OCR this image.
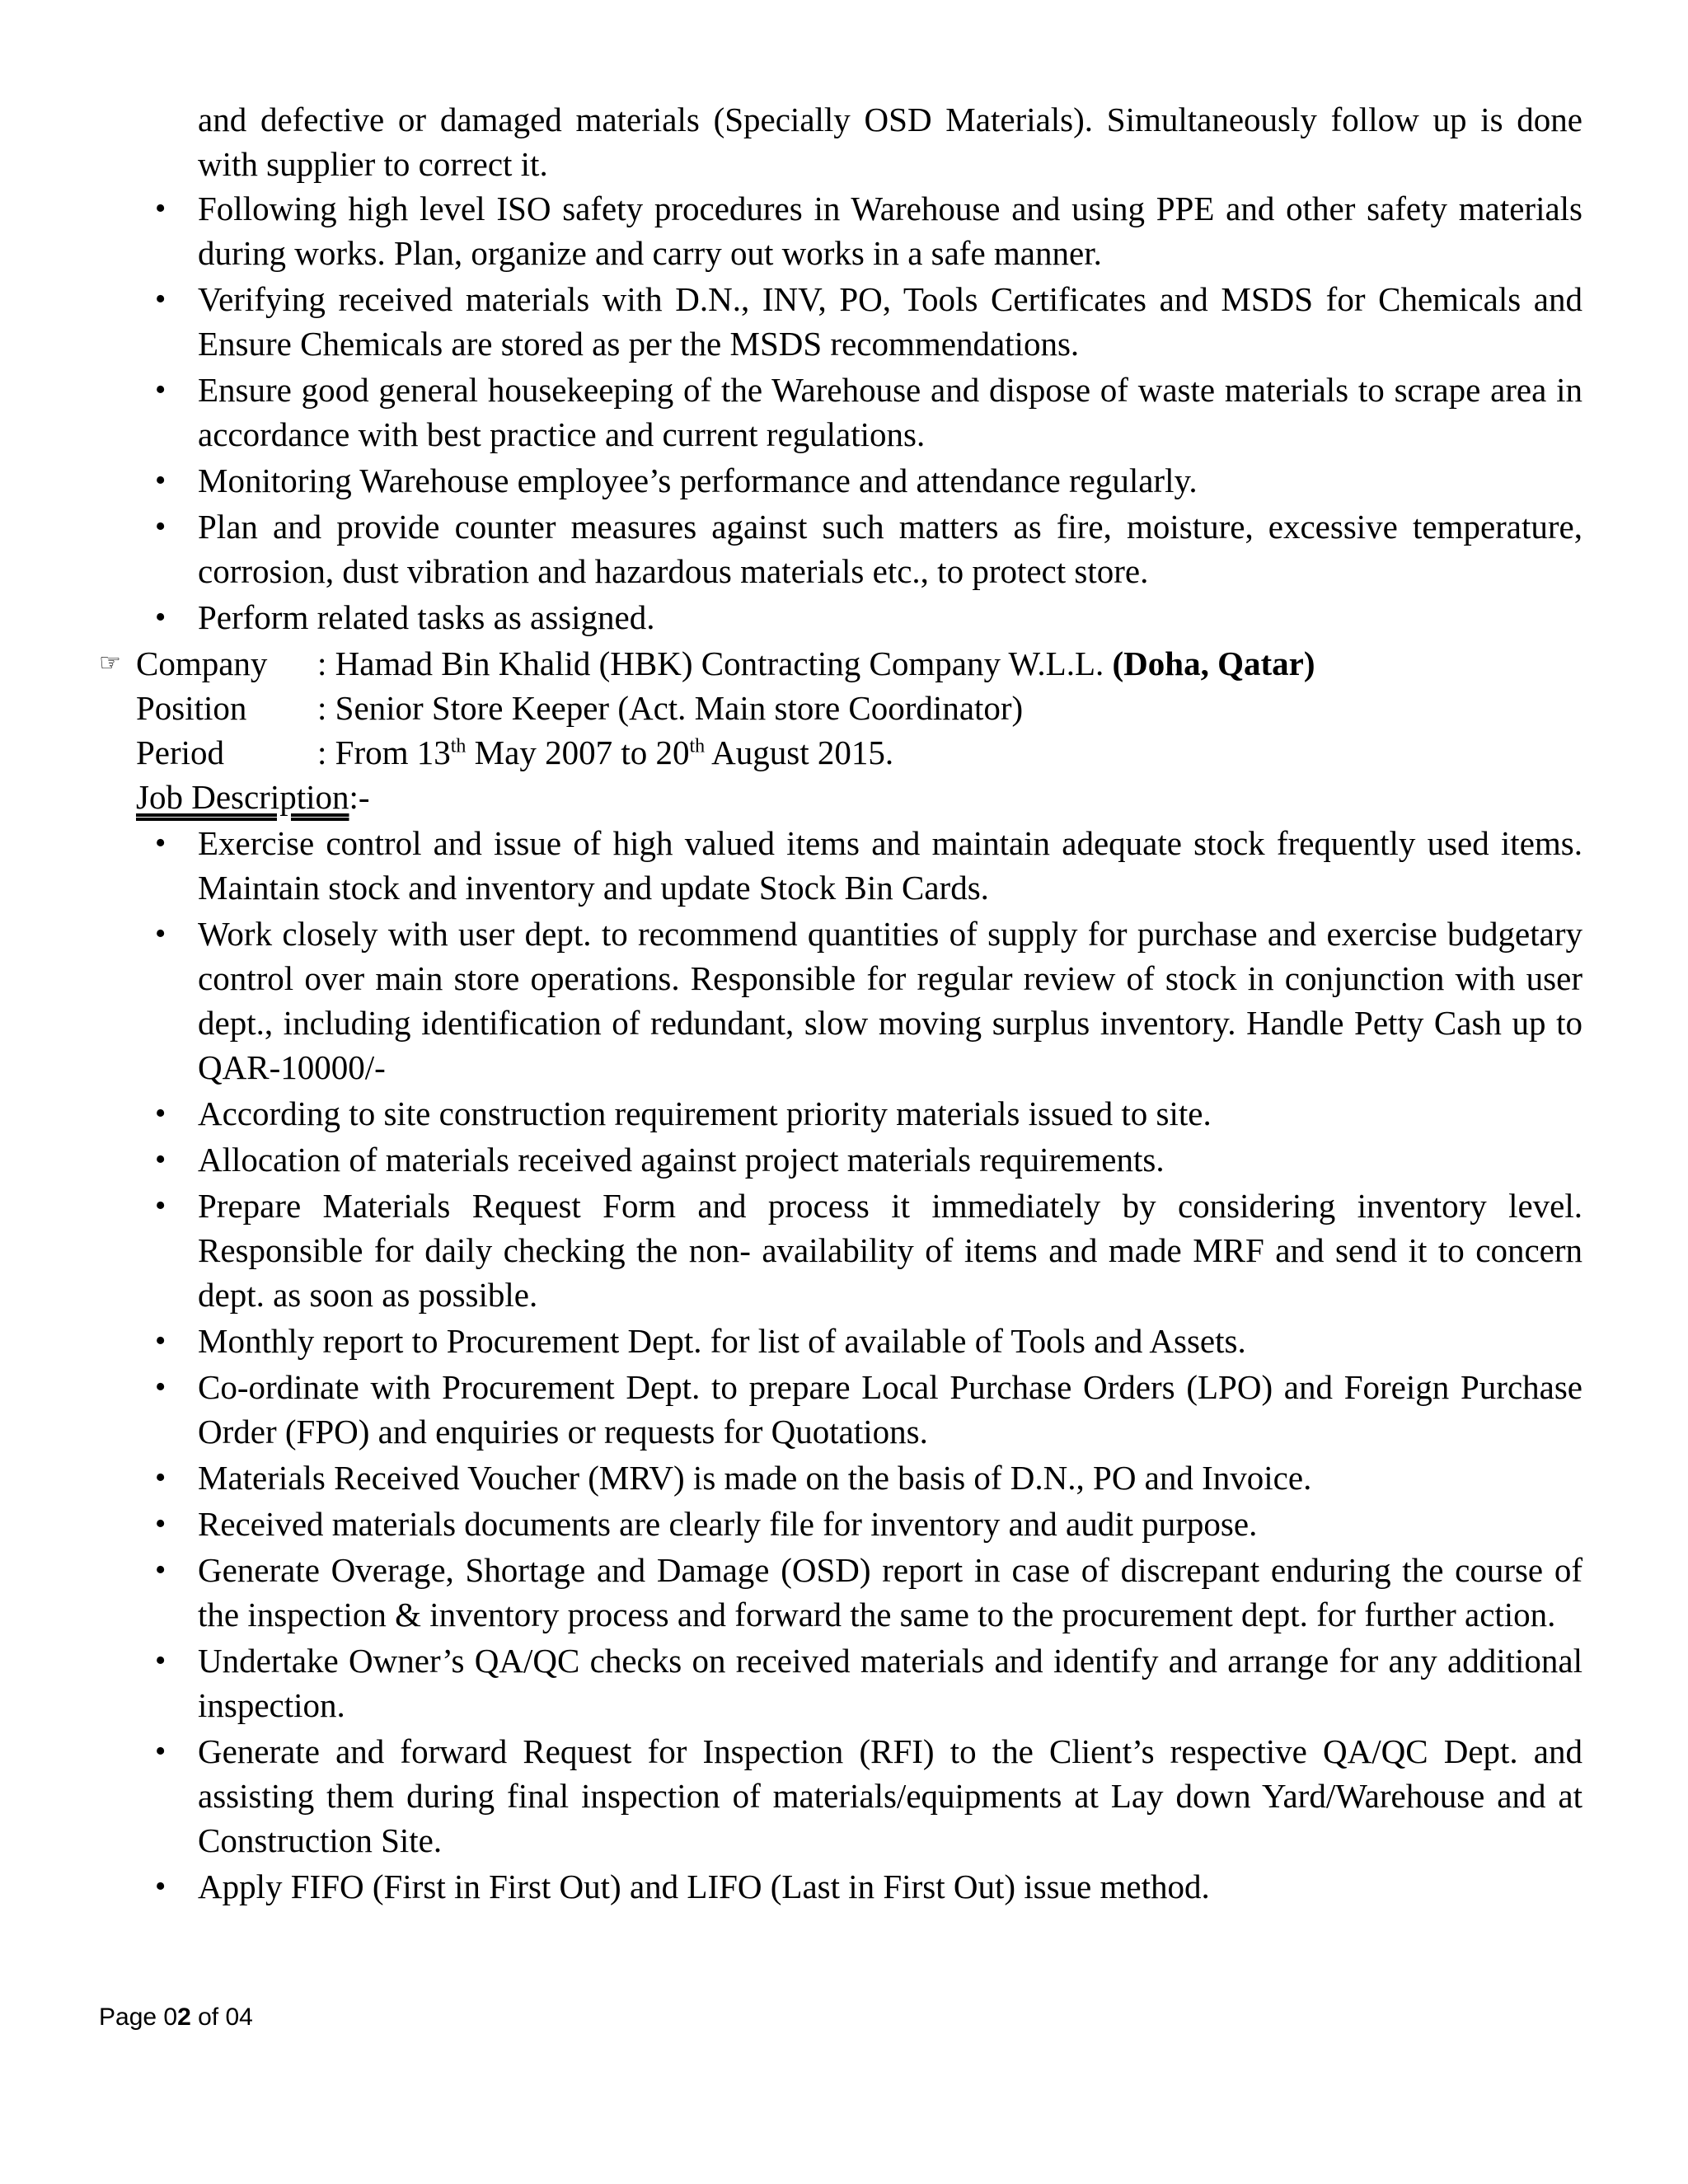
and defective or damaged materials (Specially OSD Materials). Simultaneously follow up is done with supplier to correct it.

• Following high level ISO safety procedures in Warehouse and using PPE and other safety materials during works. Plan, organize and carry out works in a safe manner.
• Verifying received materials with D.N., INV, PO, Tools Certificates and MSDS for Chemicals and Ensure Chemicals are stored as per the MSDS recommendations.
• Ensure good general housekeeping of the Warehouse and dispose of waste materials to scrape area in accordance with best practice and current regulations.
• Monitoring Warehouse employee’s performance and attendance regularly.
• Plan and provide counter measures against such matters as fire, moisture, excessive temperature, corrosion, dust vibration and hazardous materials etc., to protect store.
• Perform related tasks as assigned.
☞ Company : Hamad Bin Khalid (HBK) Contracting Company W.L.L. (Doha, Qatar)
Position : Senior Store Keeper (Act. Main store Coordinator)
Period	: From 13th May 2007 to 20th August 2015.
Job Description:-
• Exercise control and issue of high valued items and maintain adequate stock frequently used items. Maintain stock and inventory and update Stock Bin Cards.
• Work closely with user dept. to recommend quantities of supply for purchase and exercise budgetary control over main store operations. Responsible for regular review of stock in conjunction with user dept., including identification of redundant, slow moving surplus inventory. Handle Petty Cash up to QAR-10000/-
• According to site construction requirement priority materials issued to site.
• Allocation of materials received against project materials requirements.
• Prepare Materials Request Form and process it immediately by considering inventory level. Responsible for daily checking the non- availability of items and made MRF and send it to concern dept. as soon as possible.
• Monthly report to Procurement Dept. for list of available of Tools and Assets.
• Co-ordinate with Procurement Dept. to prepare Local Purchase Orders (LPO) and Foreign Purchase Order (FPO) and enquiries or requests for Quotations.
• Materials Received Voucher (MRV) is made on the basis of D.N., PO and Invoice.
• Received materials documents are clearly file for inventory and audit purpose.
• Generate Overage, Shortage and Damage (OSD) report in case of discrepant enduring the course of the inspection & inventory process and forward the same to the procurement dept. for further action.
• Undertake Owner’s QA/QC checks on received materials and identify and arrange for any additional inspection.
• Generate and forward Request for Inspection (RFI) to the Client’s respective QA/QC Dept. and assisting them during final inspection of materials/equipments at Lay down Yard/Warehouse and at Construction Site.
• Apply FIFO (First in First Out) and LIFO (Last in First Out) issue method.
Page 02 of 04
